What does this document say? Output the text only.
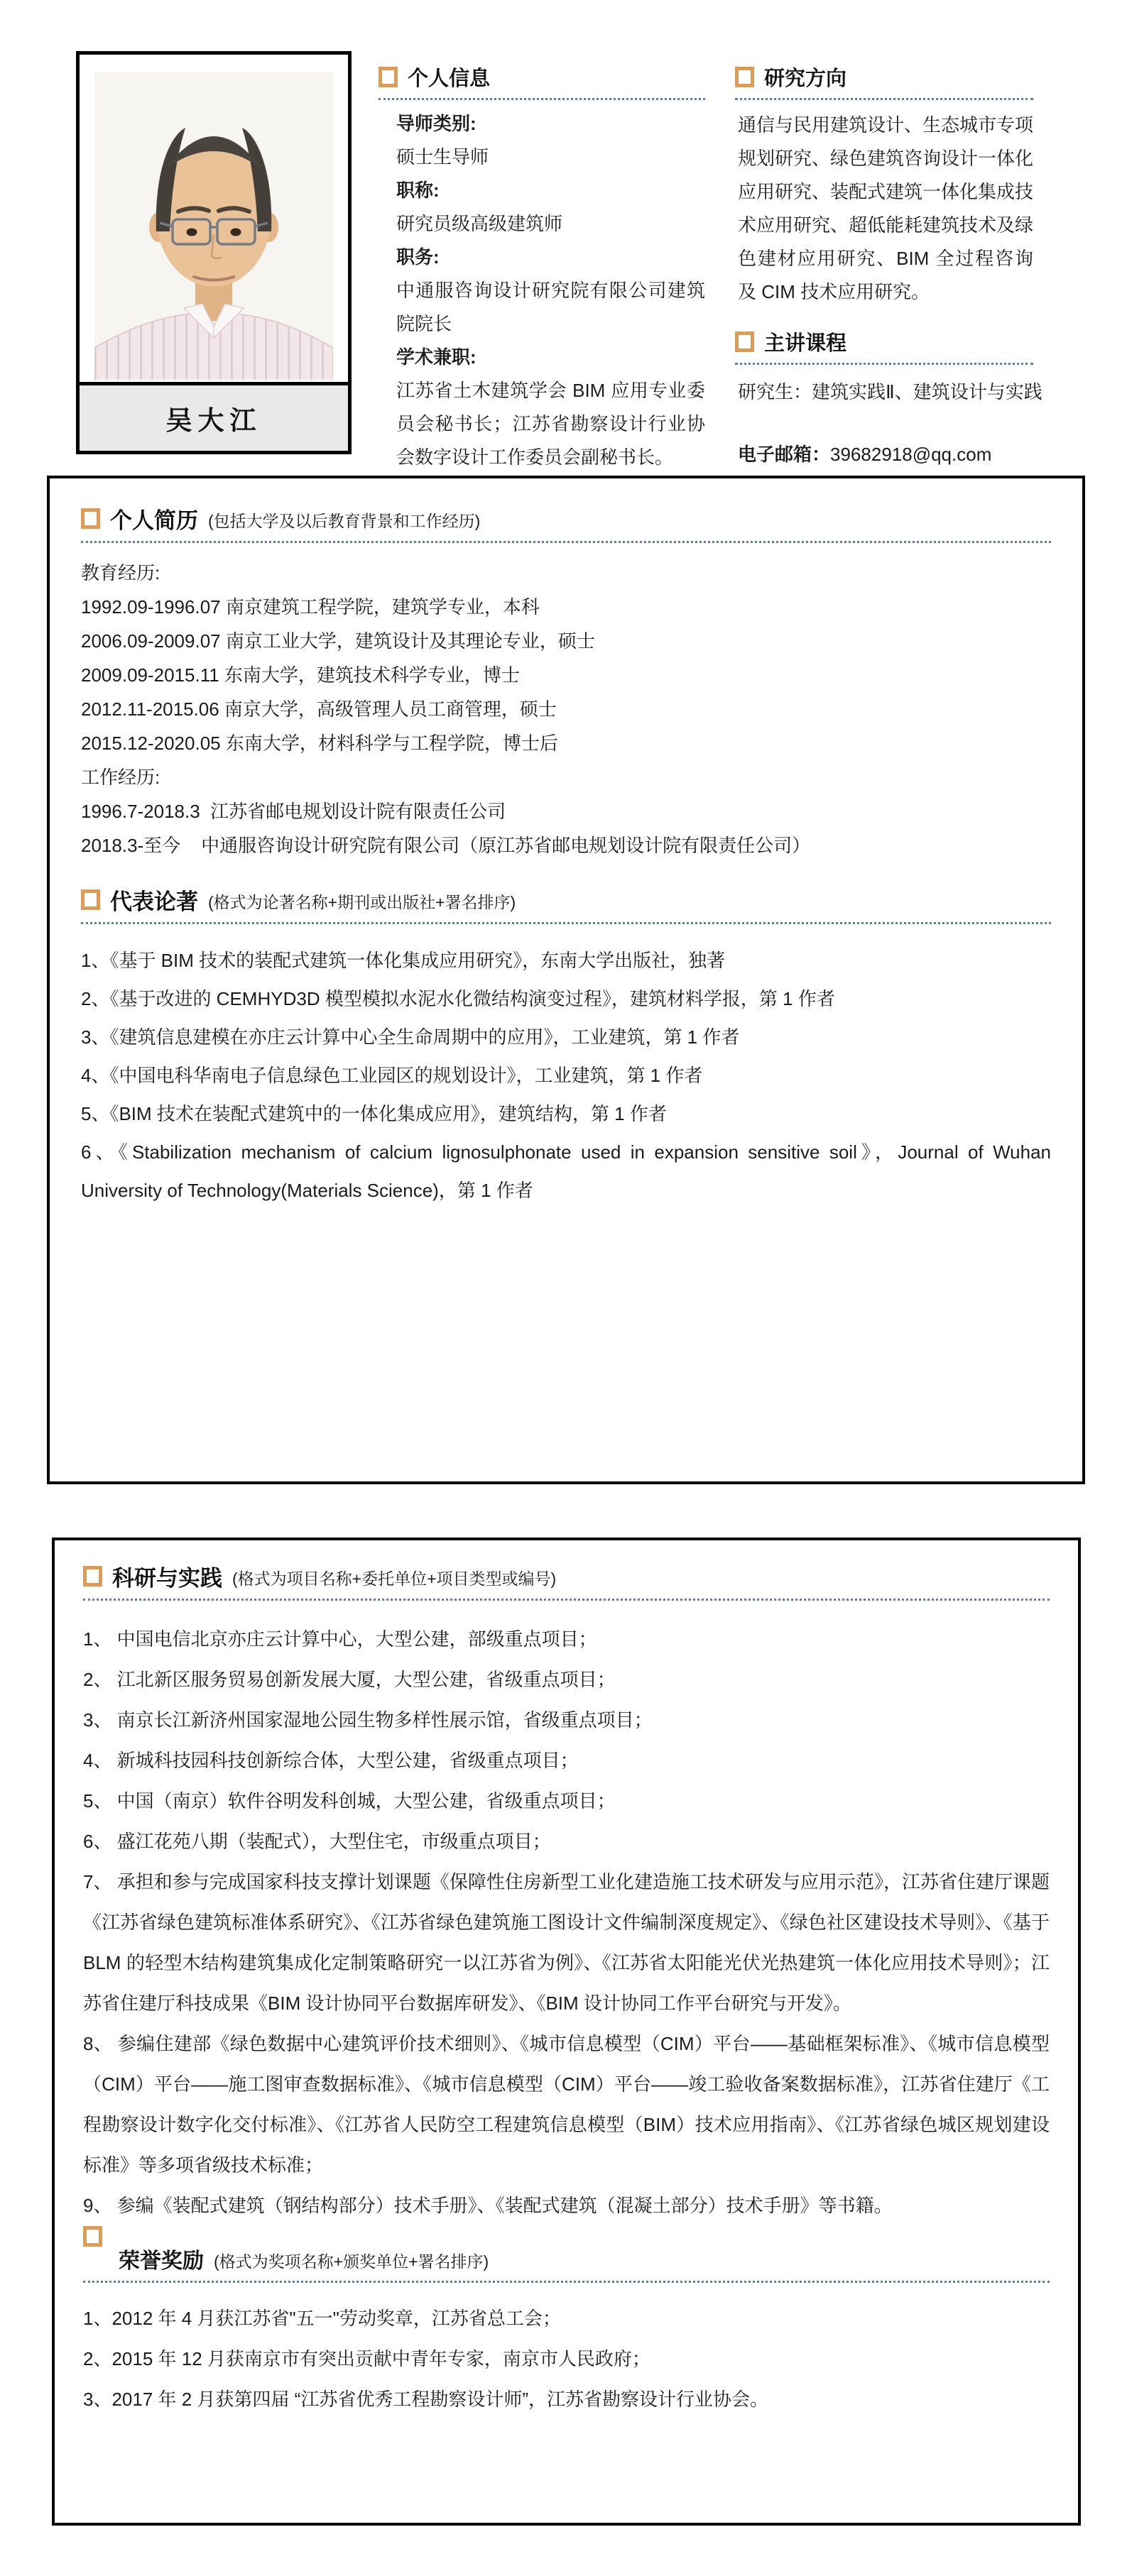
吴大江
个人信息
导师类别:
硕士生导师
职称:
研究员级高级建筑师
职务:
中通服咨询设计研究院有限公司建筑院院长
学术兼职:
江苏省土木建筑学会 BIM 应用专业委员会秘书长；江苏省勘察设计行业协会数字设计工作委员会副秘书长。
研究方向

通信与民用建筑设计、生态城市专项规划研究、绿色建筑咨询设计一体化应用研究、装配式建筑一体化集成技术应用研究、超低能耗建筑技术及绿色建材应用研究、BIM 全过程咨询及 CIM 技术应用研究。

主讲课程

研究生：建筑实践Ⅱ、建筑设计与实践

电子邮箱：39682918@qq.com
个人简历 (包括大学及以后教育背景和工作经历)
教育经历:

1992.09-1996.07 南京建筑工程学院，建筑学专业，本科

2006.09-2009.07 南京工业大学，建筑设计及其理论专业，硕士

2009.09-2015.11 东南大学，建筑技术科学专业，博士

2012.11-2015.06 南京大学，高级管理人员工商管理，硕士

2015.12-2020.05 东南大学，材料科学与工程学院，博士后

工作经历:

1996.7-2018.3  江苏省邮电规划设计院有限责任公司

2018.3-至今    中通服咨询设计研究院有限公司（原江苏省邮电规划设计院有限责任公司）

代表论著 (格式为论著名称+期刊或出版社+署名排序)

1、《基于 BIM 技术的装配式建筑一体化集成应用研究》，东南大学出版社，独著

2、《基于改进的 CEMHYD3D 模型模拟水泥水化微结构演变过程》，建筑材料学报，第 1 作者

3、《建筑信息建模在亦庄云计算中心全生命周期中的应用》，工业建筑，第 1 作者

4、《中国电科华南电子信息绿色工业园区的规划设计》，工业建筑，第 1 作者

5、《BIM 技术在装配式建筑中的一体化集成应用》，建筑结构，第 1 作者

6、《Stabilization mechanism of calcium lignosulphonate used in expansion sensitive soil》，Journal of Wuhan University of Technology(Materials Science)，第 1 作者

科研与实践 (格式为项目名称+委托单位+项目类型或编号)

1、 中国电信北京亦庄云计算中心，大型公建，部级重点项目；

2、 江北新区服务贸易创新发展大厦，大型公建，省级重点项目；

3、 南京长江新济州国家湿地公园生物多样性展示馆，省级重点项目；

4、 新城科技园科技创新综合体，大型公建，省级重点项目；

5、 中国（南京）软件谷明发科创城，大型公建，省级重点项目；

6、 盛江花苑八期（装配式），大型住宅，市级重点项目；

7、 承担和参与完成国家科技支撑计划课题《保障性住房新型工业化建造施工技术研发与应用示范》，江苏省住建厅课题《江苏省绿色建筑标准体系研究》、《江苏省绿色建筑施工图设计文件编制深度规定》、《绿色社区建设技术导则》、《基于 BLM 的轻型木结构建筑集成化定制策略研究一以江苏省为例》、《江苏省太阳能光伏光热建筑一体化应用技术导则》；江苏省住建厅科技成果《BIM 设计协同平台数据库研发》、《BIM 设计协同工作平台研究与开发》。

8、 参编住建部《绿色数据中心建筑评价技术细则》、《城市信息模型（CIM）平台——基础框架标准》、《城市信息模型（CIM）平台——施工图审查数据标准》、《城市信息模型（CIM）平台——竣工验收备案数据标准》，江苏省住建厅《工程勘察设计数字化交付标准》、《江苏省人民防空工程建筑信息模型（BIM）技术应用指南》、《江苏省绿色城区规划建设标准》等多项省级技术标准；

9、 参编《装配式建筑（钢结构部分）技术手册》、《装配式建筑（混凝土部分）技术手册》等书籍。

荣誉奖励 (格式为奖项名称+颁奖单位+署名排序)

1、2012 年 4 月获江苏省"五一"劳动奖章，江苏省总工会；

2、2015 年 12 月获南京市有突出贡献中青年专家，南京市人民政府；

3、2017 年 2 月获第四届 “江苏省优秀工程勘察设计师”，江苏省勘察设计行业协会。
